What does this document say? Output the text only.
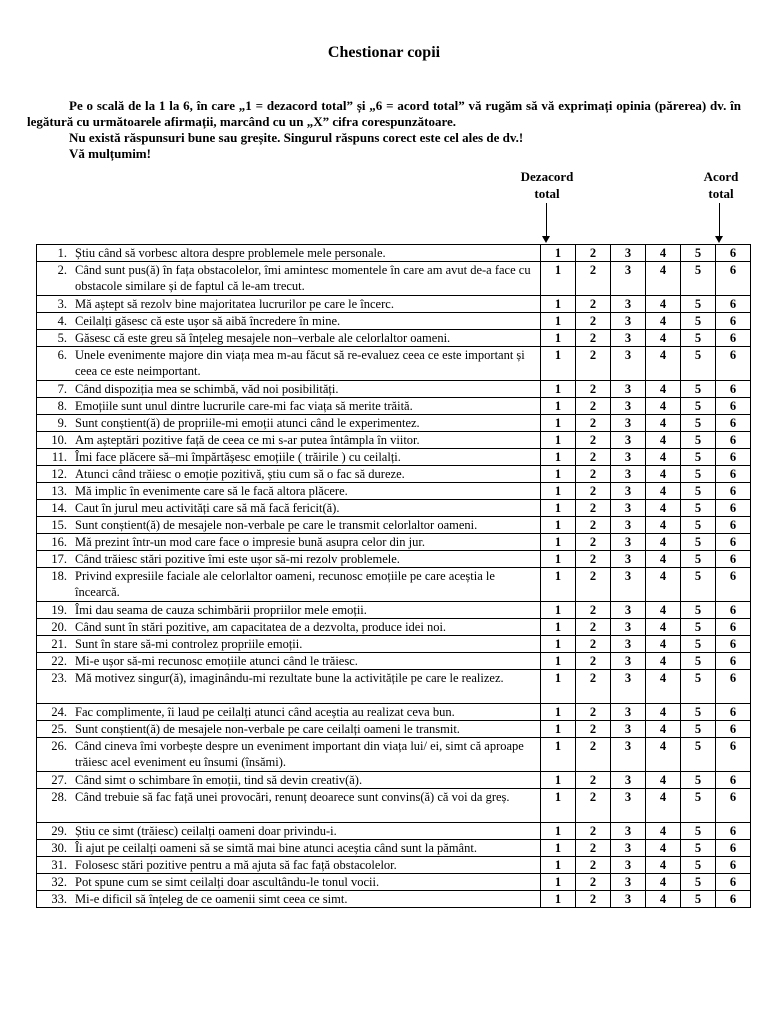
Chestionar copii

Pe o scală de la 1 la 6, în care „1 = dezacord total” și „6 = acord total” vă rugăm să vă exprimați opinia (părerea) dv. în legătură cu următoarele afirmații, marcând cu un „X” cifra corespunzătoare.

Nu există răspunsuri bune sau greșite. Singurul răspuns corect este cel ales de dv.!

Vă mulțumim!

Dezacord
total
Acord
total
1.	Știu când să vorbesc altora despre problemele mele personale.	1	2	3	4	5	6
2.	Când sunt pus(ă) în fața obstacolelor, îmi amintesc momentele în care am avut de-a face cu obstacole similare și de faptul că le-am trecut.	1	2	3	4	5	6
3.	Mă aștept să rezolv bine majoritatea lucrurilor pe care le încerc.	1	2	3	4	5	6
4.	Ceilalți găsesc că este ușor să aibă încredere în mine.	1	2	3	4	5	6
5.	Găsesc că este greu să înțeleg mesajele non–verbale ale celorlaltor oameni.	1	2	3	4	5	6
6.	Unele evenimente majore din viața mea m-au făcut să re-evaluez ceea ce este important și ceea ce este neimportant.	1	2	3	4	5	6
7.	Când dispoziția mea se schimbă, văd noi posibilități.	1	2	3	4	5	6
8.	Emoțiile sunt unul dintre lucrurile care-mi fac viața să merite trăită.	1	2	3	4	5	6
9.	Sunt conștient(ă) de propriile-mi emoții atunci când le experimentez.	1	2	3	4	5	6
10.	Am așteptări pozitive față de ceea ce mi s-ar putea întâmpla în viitor.	1	2	3	4	5	6
11.	Îmi face plăcere să–mi împărtășesc emoțiile ( trăirile ) cu ceilalți.	1	2	3	4	5	6
12.	Atunci când trăiesc o emoție pozitivă, știu cum să o fac să dureze.	1	2	3	4	5	6
13.	Mă implic în evenimente care să le facă altora plăcere.	1	2	3	4	5	6
14.	Caut în jurul meu activități care să mă facă fericit(ă).	1	2	3	4	5	6
15.	Sunt conștient(ă) de mesajele non-verbale pe care le transmit celorlaltor oameni.	1	2	3	4	5	6
16.	Mă prezint într-un mod care face o impresie bună asupra celor din jur.	1	2	3	4	5	6
17.	Când trăiesc stări pozitive îmi este ușor să-mi rezolv problemele.	1	2	3	4	5	6
18.	Privind expresiile faciale ale celorlaltor oameni, recunosc emoțiile pe care aceștia le încearcă.	1	2	3	4	5	6
19.	Îmi dau seama de cauza schimbării propriilor mele emoții.	1	2	3	4	5	6
20.	Când sunt în stări pozitive, am capacitatea de a dezvolta, produce idei noi.	1	2	3	4	5	6
21.	Sunt în stare să-mi controlez propriile emoții.	1	2	3	4	5	6
22.	Mi-e ușor să-mi recunosc emoțiile atunci când le trăiesc.	1	2	3	4	5	6
23.	Mă motivez singur(ă), imaginându-mi rezultate bune la activitățile pe care le realizez.	1	2	3	4	5	6
24.	Fac complimente, îi laud pe ceilalți atunci când aceștia au realizat ceva bun.	1	2	3	4	5	6
25.	Sunt conștient(ă) de mesajele non-verbale pe care ceilalți oameni le transmit.	1	2	3	4	5	6
26.	Când cineva îmi vorbește despre un eveniment important din viața lui/ ei, simt că aproape trăiesc acel eveniment eu însumi (însămi).	1	2	3	4	5	6
27.	Când simt o schimbare în emoții, tind să devin creativ(ă).	1	2	3	4	5	6
28.	Când trebuie să fac față unei provocări, renunț deoarece sunt convins(ă) că voi da greș.	1	2	3	4	5	6
29.	Știu ce simt (trăiesc) ceilalți oameni doar privindu-i.	1	2	3	4	5	6
30.	Îi ajut pe ceilalți oameni să se simtă mai bine atunci aceștia când sunt la pământ.	1	2	3	4	5	6
31.	Folosesc stări pozitive pentru a mă ajuta să fac față obstacolelor.	1	2	3	4	5	6
32.	Pot spune cum se simt ceilalți doar ascultându-le tonul vocii.	1	2	3	4	5	6
33.	Mi-e dificil să înțeleg de ce oamenii simt ceea ce simt.	1	2	3	4	5	6
